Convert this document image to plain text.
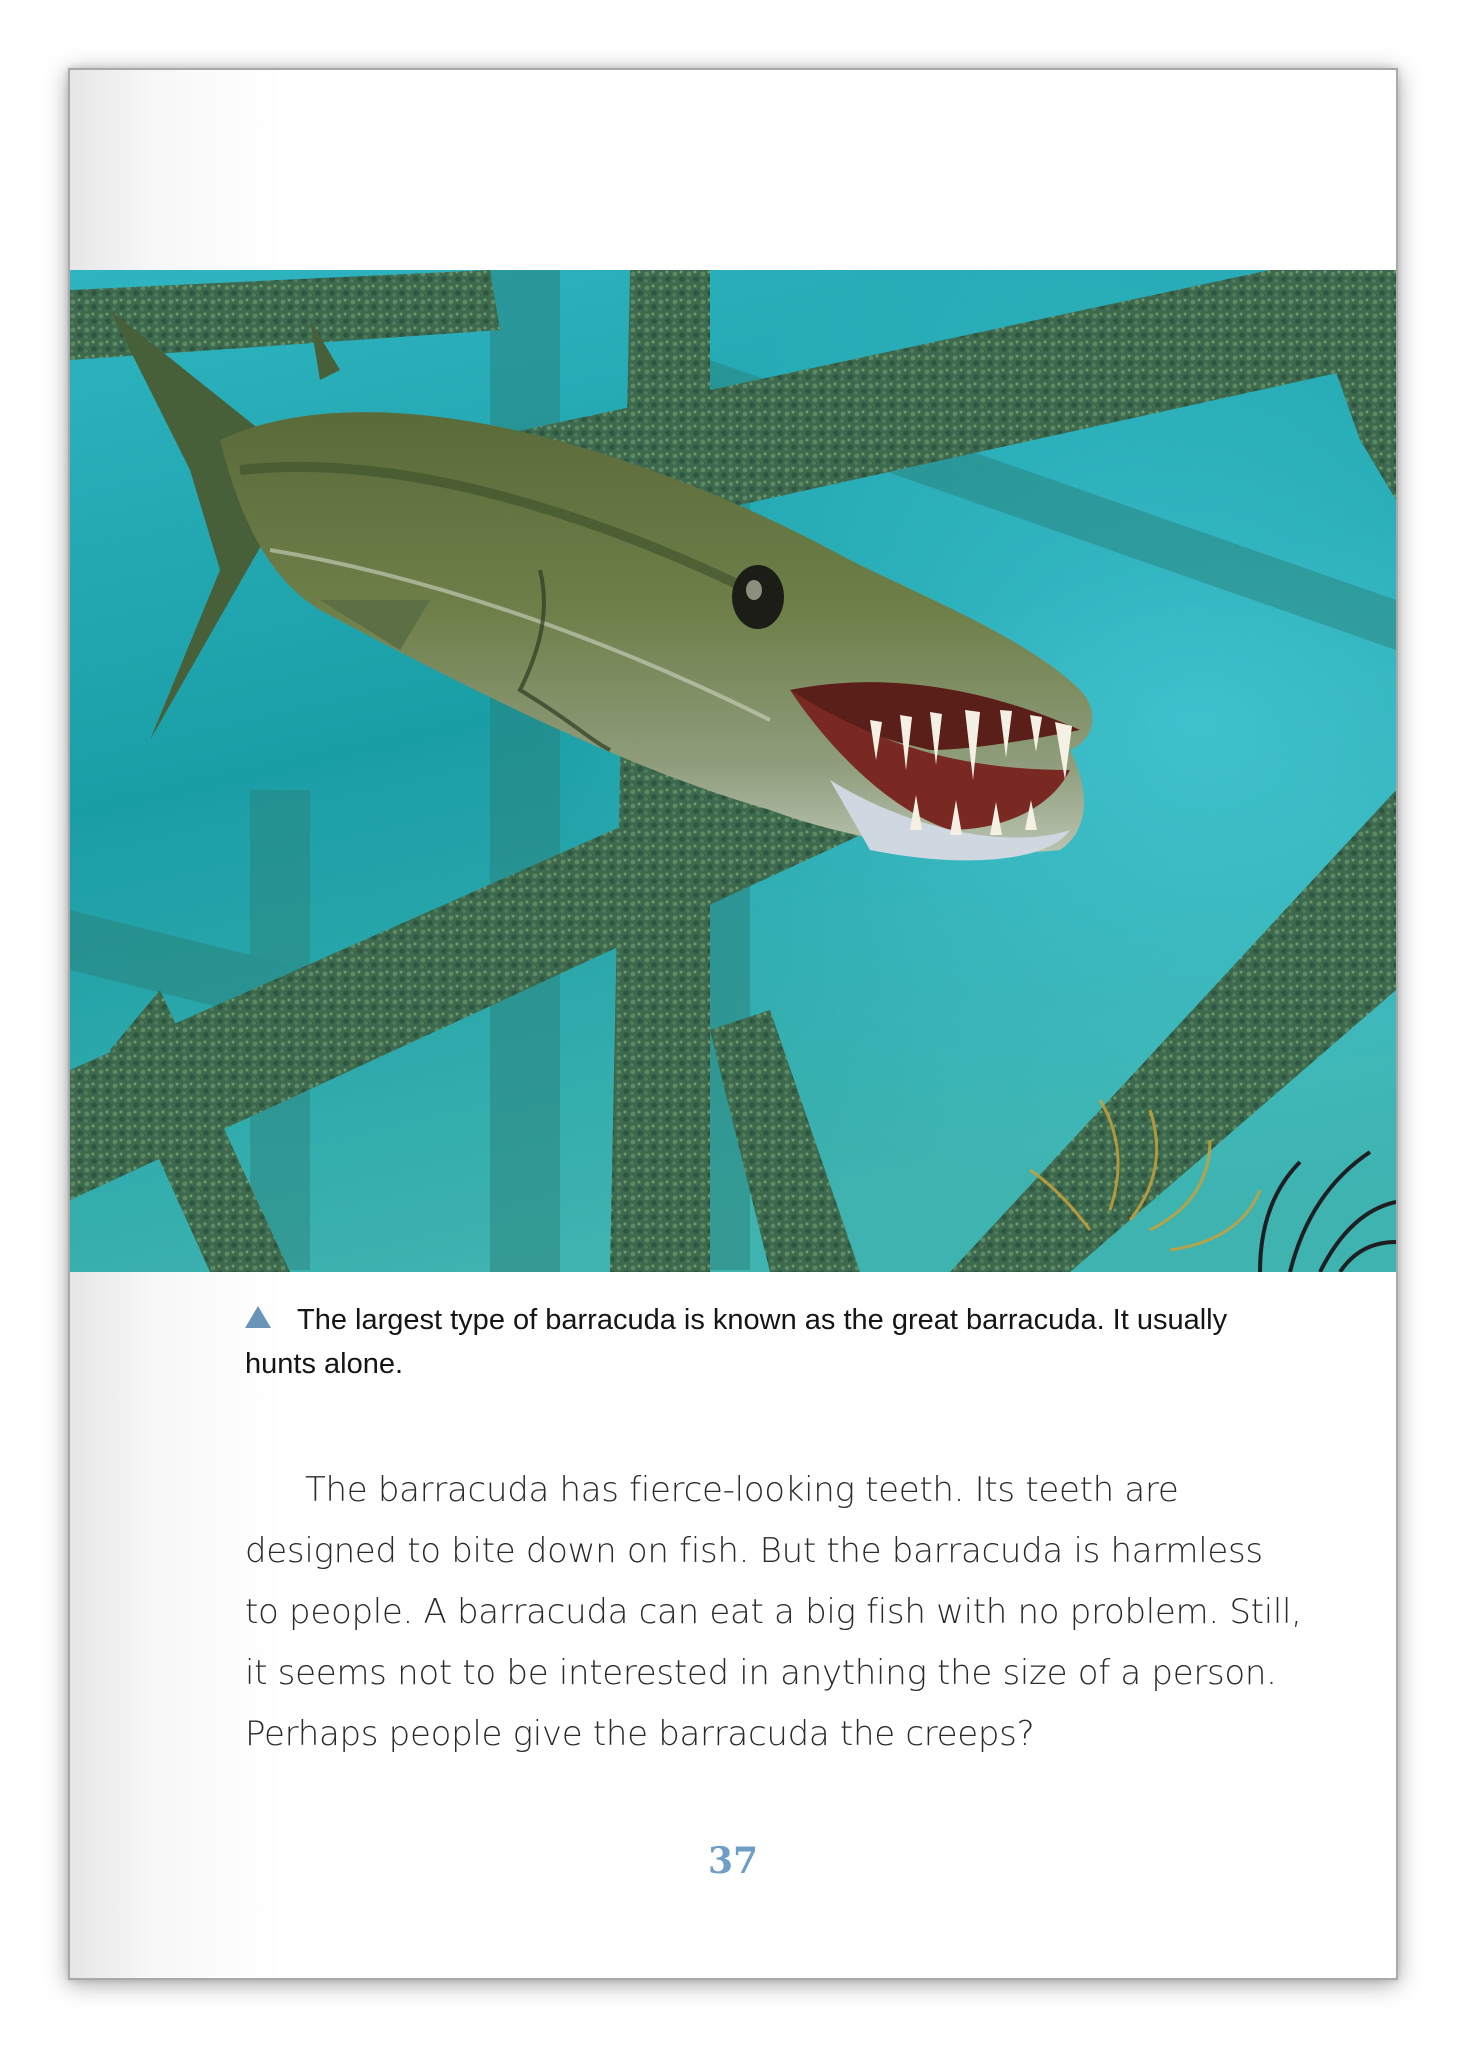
The largest type of barracuda is known as the great barracuda. It usually hunts alone.

The barracuda has fierce-looking teeth. Its teeth are designed to bite down on fish. But the barracuda is harmless to people. A barracuda can eat a big fish with no problem. Still, it seems not to be interested in anything the size of a person. Perhaps people give the barracuda the creeps?

37
